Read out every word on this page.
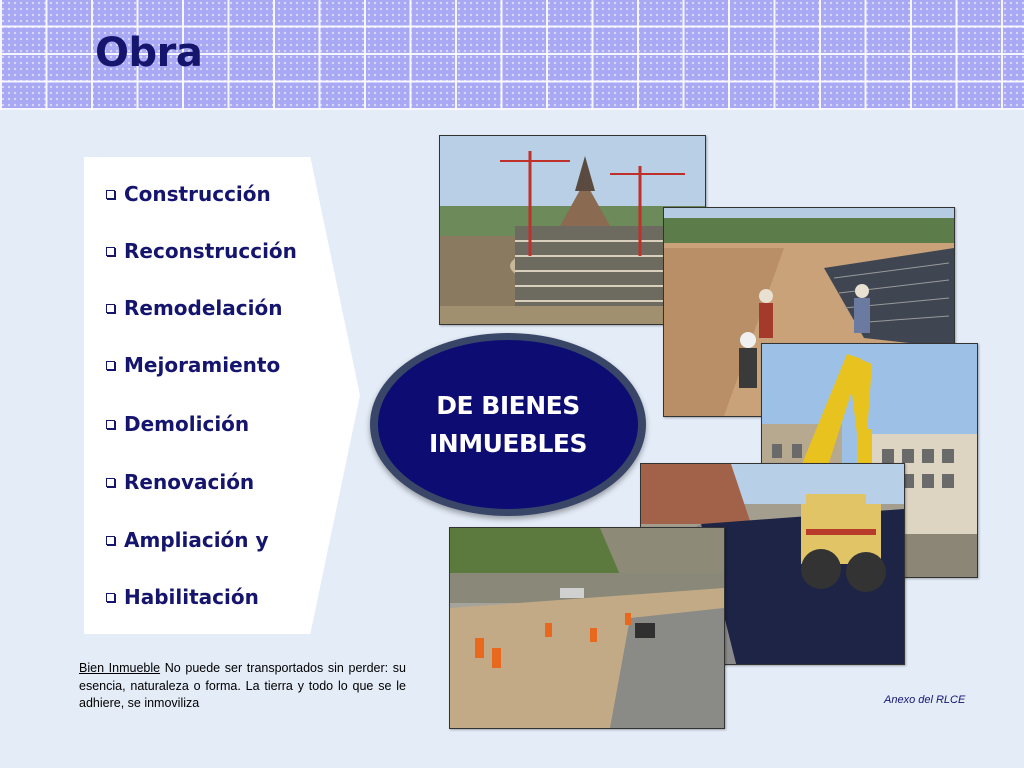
Obra
Construcción
Reconstrucción
Remodelación
Mejoramiento
Demolición
Renovación
Ampliación y
Habilitación
DE BIENES
INMUEBLES

Bien Inmueble No puede ser transportados sin perder: su esencia, naturaleza o forma. La tierra y todo lo que se le adhiere, se inmoviliza	Anexo del RLCE
